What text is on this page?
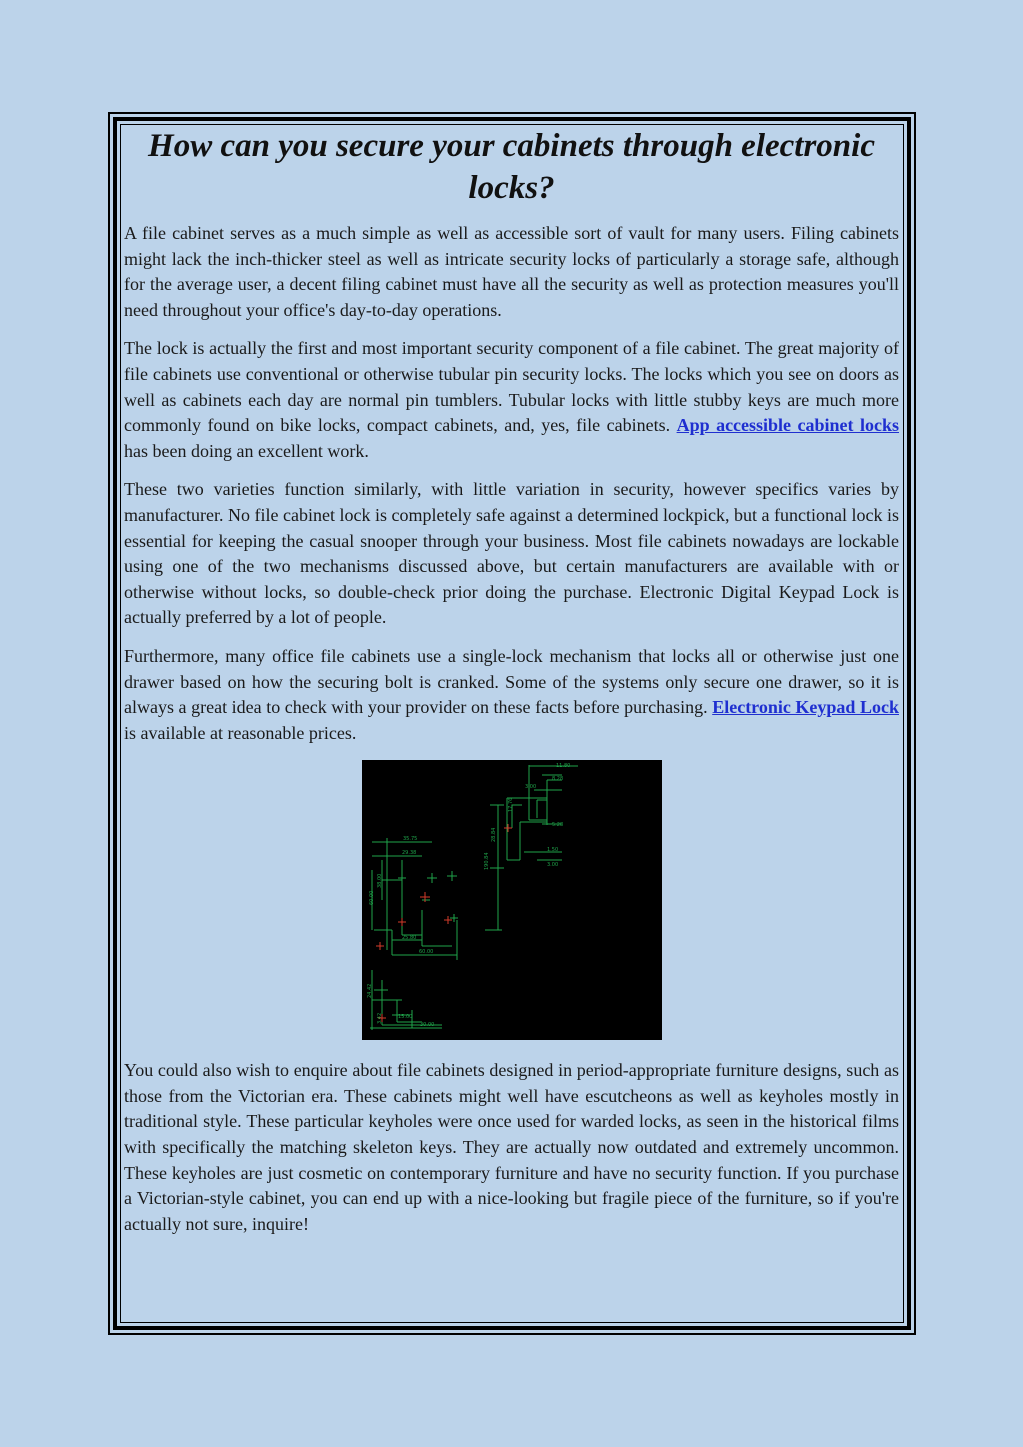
How can you secure your cabinets through electronic locks?

A file cabinet serves as a much simple as well as accessible sort of vault for many users. Filing cabinets might lack the inch-thicker steel as well as intricate security locks of particularly a storage safe, although for the average user, a decent filing cabinet must have all the security as well as protection measures you'll need throughout your office's day-to-day operations.

The lock is actually the first and most important security component of a file cabinet. The great majority of file cabinets use conventional or otherwise tubular pin security locks. The locks which you see on doors as well as cabinets each day are normal pin tumblers. Tubular locks with little stubby keys are much more commonly found on bike locks, compact cabinets, and, yes, file cabinets. App accessible cabinet locks has been doing an excellent work.

These two varieties function similarly, with little variation in security, however specifics varies by manufacturer. No file cabinet lock is completely safe against a determined lockpick, but a functional lock is essential for keeping the casual snooper through your business. Most file cabinets nowadays are lockable using one of the two mechanisms discussed above, but certain manufacturers are available with or otherwise without locks, so double-check prior doing the purchase. Electronic Digital Keypad Lock is actually preferred by a lot of people.

Furthermore, many office file cabinets use a single-lock mechanism that locks all or otherwise just one drawer based on how the securing bolt is cranked. Some of the systems only secure one drawer, so it is always a great idea to check with your provider on these facts before purchasing. Electronic Keypad Lock is available at reasonable prices.

11.80
8.28
3.00
17.76
28.84
5.28
1.50
3.00
190.84
35.75
29.38
38.00
60.00
25.80
60.00
24.42
3.42	15.00
30.00

You could also wish to enquire about file cabinets designed in period-appropriate furniture designs, such as those from the Victorian era. These cabinets might well have escutcheons as well as keyholes mostly in traditional style. These particular keyholes were once used for warded locks, as seen in the historical films with specifically the matching skeleton keys. They are actually now outdated and extremely uncommon. These keyholes are just cosmetic on contemporary furniture and have no security function. If you purchase a Victorian-style cabinet, you can end up with a nice-looking but fragile piece of the furniture, so if you're actually not sure, inquire!
